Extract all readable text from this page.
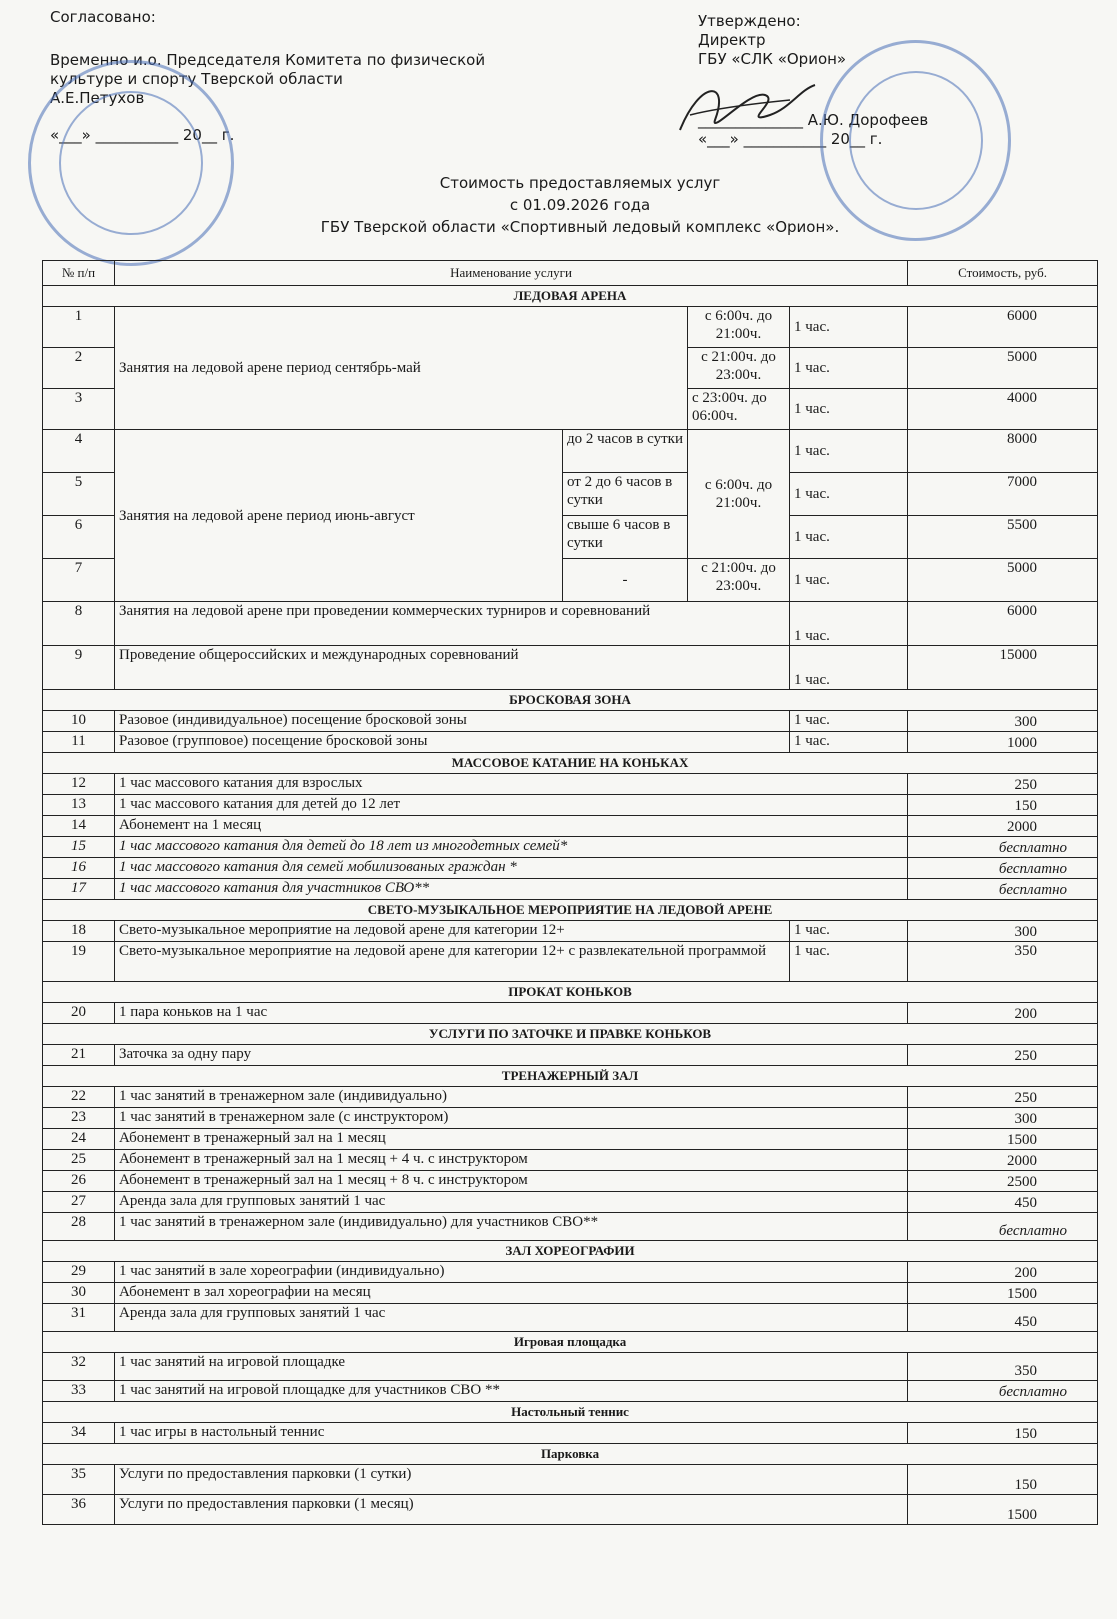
Согласовано:
Временно и.о. Председателя Комитета по физической
культуре и спорту Тверской области
А.Е.Петухов
«___» ___________ 20__ г.
Утверждено:
Директр
ГБУ «СЛК «Орион»
______________ А.Ю. Дорофеев
«___» ___________ 20__ г.
Стоимость предоставляемых услуг
с 01.09.2026 года
ГБУ Тверской области «Спортивный ледовый комплекс «Орион».
№ п/п	Наименование услуги				Стоимость, руб.
ЛЕДОВАЯ АРЕНА					
1	Занятия на ледовой арене период сентябрь-май		с 6:00ч. до 21:00ч.	1 час.	6000
2			с 21:00ч. до 23:00ч.	1 час.	5000
3			с 23:00ч. до 06:00ч.	1 час.	4000
4	Занятия на ледовой арене период июнь-август	до 2 часов в сутки	с 6:00ч. до 21:00ч.	1 час.	8000
5		от 2 до 6 часов в сутки		1 час.	7000
6		свыше 6 часов в сутки		1 час.	5500
7		-	с 21:00ч. до 23:00ч.	1 час.	5000
8	Занятия на ледовой арене при проведении коммерческих турниров и соревнований			1 час.	6000
9	Проведение общероссийских и международных соревнований			1 час.	15000
БРОСКОВАЯ ЗОНА					
10	Разовое (индивидуальное) посещение бросковой зоны			1 час.	300
11	Разовое (групповое) посещение бросковой зоны			1 час.	1000
МАССОВОЕ КАТАНИЕ НА КОНЬКАХ					
12	1 час массового катания для взрослых				250
13	1 час массового катания для детей до 12 лет				150
14	Абонемент на 1 месяц				2000
15	1 час массового катания для детей до 18 лет из многодетных семей*				бесплатно
16	1 час массового катания для семей мобилизованых граждан *				бесплатно
17	1 час массового катания для участников СВО**				бесплатно
СВЕТО-МУЗЫКАЛЬНОЕ МЕРОПРИЯТИЕ НА ЛЕДОВОЙ АРЕНЕ					
18	Свето-музыкальное мероприятие на ледовой арене для категории 12+			1 час.	300
19	Свето-музыкальное мероприятие на ледовой арене для категории 12+ с развлекательной программой			1 час.	350
ПРОКАТ КОНЬКОВ					
20	1 пара коньков на 1 час				200
УСЛУГИ ПО ЗАТОЧКЕ И ПРАВКЕ КОНЬКОВ					
21	Заточка за одну пару				250
ТРЕНАЖЕРНЫЙ ЗАЛ					
22	1 час занятий в тренажерном зале (индивидуально)				250
23	1 час занятий в тренажерном зале (с инструктором)				300
24	Абонемент в тренажерный зал на 1 месяц				1500
25	Абонемент в тренажерный зал на 1 месяц + 4 ч. с инструктором				2000
26	Абонемент в тренажерный зал на 1 месяц + 8 ч. с инструктором				2500
27	Аренда зала для групповых занятий 1 час				450
28	1 час занятий в тренажерном зале (индивидуально) для участников СВО**				бесплатно
ЗАЛ ХОРЕОГРАФИИ					
29	1 час занятий в зале хореографии (индивидуально)				200
30	Абонемент в зал хореографии на месяц				1500
31	Аренда зала для групповых занятий 1 час				450
Игровая площадка					
32	1 час занятий на игровой площадке				350
33	1 час занятий на игровой площадке для участников СВО **				бесплатно
Настольный теннис					
34	1 час игры в настольный теннис				150
Парковка					
35	Услуги по предоставления парковки (1 сутки)				150
36	Услуги по предоставления парковки (1 месяц)				1500
